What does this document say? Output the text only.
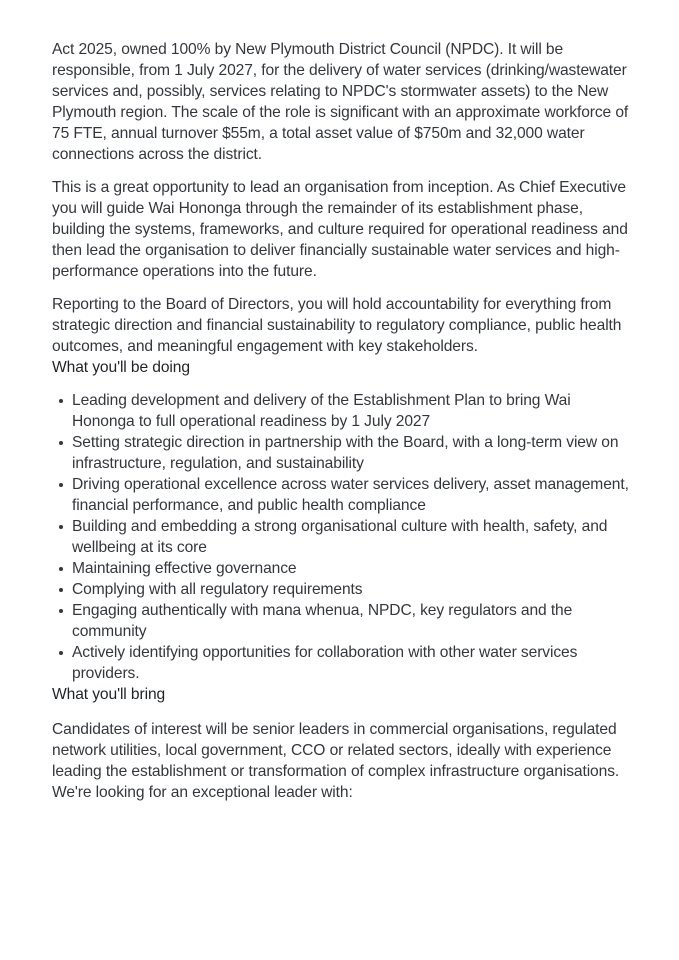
Act 2025, owned 100% by New Plymouth District Council (NPDC). It will be responsible, from 1 July 2027, for the delivery of water services (drinking/wastewater services and, possibly, services relating to NPDC's stormwater assets) to the New Plymouth region. The scale of the role is significant with an approximate workforce of 75 FTE, annual turnover $55m, a total asset value of $750m and 32,000 water connections across the district.

This is a great opportunity to lead an organisation from inception. As Chief Executive you will guide Wai Hononga through the remainder of its establishment phase, building the systems, frameworks, and culture required for operational readiness and then lead the organisation to deliver financially sustainable water services and high-performance operations into the future.

Reporting to the Board of Directors, you will hold accountability for everything from strategic direction and financial sustainability to regulatory compliance, public health outcomes, and meaningful engagement with key stakeholders.

What you'll be doing
Leading development and delivery of the Establishment Plan to bring Wai Hononga to full operational readiness by 1 July 2027
Setting strategic direction in partnership with the Board, with a long-term view on infrastructure, regulation, and sustainability
Driving operational excellence across water services delivery, asset management, financial performance, and public health compliance
Building and embedding a strong organisational culture with health, safety, and wellbeing at its core
Maintaining effective governance
Complying with all regulatory requirements
Engaging authentically with mana whenua, NPDC, key regulators and the community
Actively identifying opportunities for collaboration with other water services providers.
What you'll bring

Candidates of interest will be senior leaders in commercial organisations, regulated network utilities, local government, CCO or related sectors, ideally with experience leading the establishment or transformation of complex infrastructure organisations. We're looking for an exceptional leader with:
